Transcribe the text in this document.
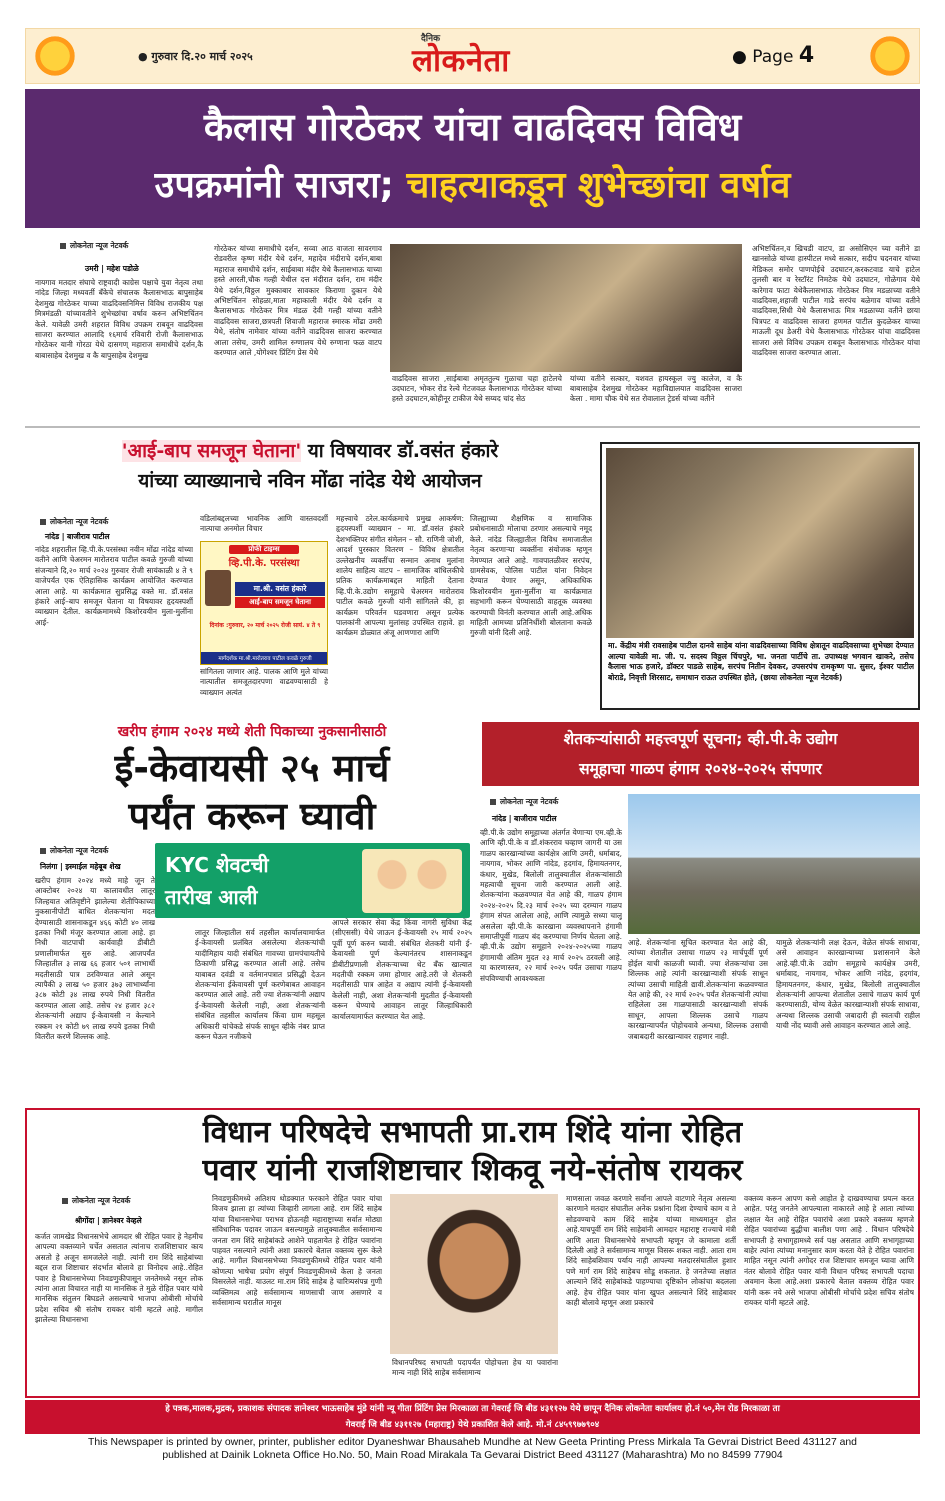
● गुरुवार दि.२० मार्च २०२५
दैनिक
लोकनेता	● Page 4
कैलास गोरठेकर यांचा वाढदिवस विविध
उपक्रमांनी साजरा; चाहत्याकडून शुभेच्छांचा वर्षाव
लोकनेता न्यूज नेटवर्क
उमरी | महेश पडोळे
नायगाव मतदार संघाचे राष्ट्रवादी काग्रेस पक्षाचे युवा नेतृत्व तथा नांदेड जिल्हा मध्यवर्ती बँकेचे संचालक कैलासभाऊ बापुसाहेब देशमुख गोरठेकर याच्या वाढदिवसनिमित्त विविध राजकीय पक्ष मित्रमंडळी यांच्यावतीने शुभेच्छांचा वर्षाव करुन अभिष्टचिंतन केले. यावेळी उमरी शहरात विविध उपक्रम राबवून वाढदिवस साजरा करण्यात आलादि १६मार्च रविवारी रोजी कैलासभाऊ गोरठेकर यानी गोरठा येथे दासगण् महाराज समाधीचे दर्शन,कै बाबासाहेब देशमुख व कै बापुसाहेब देशमुख
गोरठेकर यांच्या समाधीचे दर्शन, सव्वा आठ वाजता सावरगाव रोडवरील कृष्ण मंदीर येथे दर्शन, महादेव मंदीराचे दर्शन,बाबा महाराज समाधीचे दर्शन, साईबाबा मंदीर येथे कैलासभाऊ याच्या हस्ते आरती,चौक गल्ही येथील दत्त मंदीरात दर्शन, राम मंदीर येथे दर्शन,विठ्ठल मुक्काबार सावकार किराणा दुकान येथे अभिष्टचिंतन सोहळा,माता महाकाली मंदीर येथे दर्शन व कैलासभाऊ गोरठेकर मित्र मंडळ देवी गल्ही यांच्या वतीने वाढदिवस साजरा,छत्रपती शिवाजी महाराज स्मारक मोंढा उमरी येथे, संतोष नामेवार यांच्या वतीने वाढदिवस साजरा करण्यात आला तसेच, उमरी शामिल रुग्णालय येथे रुग्णाना फळ वाटप करण्यात आले ,योगेश्वर प्रिंटिंग प्रेस येथे
वाढदिवस साजरा ,साईबाबा अमृततुल्य गुळाचा चहा हाटेलचे उदघाटन, भोकर रोड रेल्वे गेटजवळ कैलासभाऊ गोरठेकर यांच्या हस्ते उदघाटन,कोहीनूर टाकीज येथे सय्यद चांद सेठ
यांच्या वतीने सत्कार, यशवत हायस्कूल ज्यु कालेज, व कै बाबासाहेब देशमुख गोरठेकर महाविद्यालयात वाढदिवस साजरा केला . मामा चौक येथे सत रोवालाल ट्रेडर्स यांच्या वतीने
अभिष्टचिंतन,व खिचडी वाटप, डा असोसिएन च्या वतीने डा खानसोळे यांच्या हास्पीटल मध्ये सत्कार, सदीप चदनवार यांच्या मेडिकल समोर पाणपोईचे उदघाटन,करकटवाड याचे हाटेल तुलसी बार व रेस्टॉरंट निमटेक येथे उदघाटन, गोळेगाव येथे कारेगाव फाटा येथेकैलासभाऊ गोरठेकर मित्र मडळाच्या वतीने वाढदिवस,शहाजी पाटील गाढे सरपंच बळेगाव यांच्या वतीने वाढदिवस,सिधी येथे कैलासभाऊ मित्र मडळाच्या वतीने छाया चित्रपट व वाढदिवस साजरा हणमत पाटील कुदळेकर याच्या माऊली दूध डेअरी येथे कैलासभाऊ गोरठेकर यांचा वाढदिवस साजरा असे विविध उपक्रम राबवून कैलासभाऊ गोरठेकर यांचा वाढदिवस साजरा करण्यात आला.
'आई-बाप समजून घेताना' या विषयावर डॉ.वसंत हंकारे
यांच्या व्याख्यानाचे नविन मोंढा नांदेड येथे आयोजन
लोकनेता न्यूज नेटवर्क
नांदेड | बाजीराव पाटील
नांदेड शहरातील व्हि.पी.के.परसंस्था नवीन मोंढा नांदेड यांच्या वतीने आणि चेअरमन मारोतराव पाटील कवळे गुरुजी यांच्या संजन्याने दि,२० मार्च २०२४ गुरुवार रोजी सायंकाळी ४ ते ९ वाजेपर्यंत एक ऐतिहासिक कार्यक्रम आयोजित करण्यात आला आहे. या कार्यक्रमात सुप्रसिद्ध वक्ते मा. डॉ.वसंत हंकारे आई–बाप समजून घेताना या विषयावर हृदयस्पर्शी व्याख्यान देतील. कार्यक्रमामध्ये किशोरवयीन मुला-मुलींना आई-
वडिलांबद्दलच्या भावनिक आणि वास्तवदर्शी नात्याचा अनमोल विचार
प्रोफी टाइम्स
व्हि.पी.के. परसंस्था
मा.श्री. वसंत हंकारे
आई-बाप समजून घेताना
दिनांक :गुरुवार, २० मार्च २०२५ रोजी सायं. ४ ते ९
मार्गदर्शक मा.श्री.मारोतराव पाटील कवळे गुरुजी
सांगितला जाणार आहे. पालक आणि मुले यांच्या नात्यातील समजूतदारपणा वाढवण्यासाठी हे व्याख्यान अत्यंत
महत्त्वाचे ठरेल.कार्यक्रमाचे प्रमुख आकर्षण: हृदयस्पर्शी व्याख्यान – मा. डॉ.वसंत हंकारे देशभक्तिपर संगीत संमेलन – सौ. राणिनी जोशी, आदर्श पुरस्कार वितरण – विविध क्षेत्रातील उल्लेखनीय व्यक्तींचा सन्मान अनाथ मुलांना शालेय साहित्य वाटप – सामाजिक बांधिलकीचे प्रतिक कार्यक्रमाबद्दल माहिती देताना व्हि.पी.के.उद्योग समूहाचे चेअरमन मारोतराव पाटील कवळे गुरुजी यांनी सांगितले की, हा कार्यक्रम परिवर्तन घडवणारा असून प्रत्येक पालकांनी आपल्या मुलांसह उपस्थित राहावे. हा कार्यक्रम डोळ्यात अंजू आणणारा आणि
जिल्ह्याच्या शैक्षणिक व सामाजिक प्रबोधनासाठी मोलाचा ठरणार असल्याचे नमूद केले. नांदेड जिल्ह्यातील विविध समाजातील नेतृत्व करणाऱ्या व्यक्तींना संयोजक म्हणून नेमण्यात आले आहे. गावपातळीवर सरपंच, ग्रामसेवक, पोलिस पाटील यांना निवेदन देण्यात येणार असून, अधिकाधिक किशोरवयीन मुला-मुलींना या कार्यक्रमात सहभागी करून घेण्यासाठी वाहतूक व्यवस्था करण्याची विनंती करण्यात आली आहे.अधिक माहिती आमच्या प्रतिनिधींशी बोलताना कवळे गुरुजी यांनी दिली आहे.
मा. केंद्रीय मंत्री रावसाहेब पाटील दानवे साहेब यांना वाढदिवसाच्या विविध क्षेत्रातून वाढदिवसाच्या शुभेच्छा देण्यात आल्या यावेळी मा. जी. प. सदस्य विठ्ठल चिंचपुरे, भा. जनता पार्टीचे ता. उपाध्यक्ष भगवान खाकरे, तसेच कैलास भाऊ हजारे, डॉक्टर पाडळे साहेब, सरपंच नितीन देवकर, उपसरपंच रामकृष्ण पा. सुसर, ईश्वर पाटील बोराडे, निवृत्ती शिरसाट, समाधान राऊत उपस्थित होते, (छाया लोकनेता न्यूज नेटवर्क)
खरीप हंगाम २०२४ मध्ये शेती पिकाच्या नुकसानीसाठी
ई-केवायसी २५ मार्च
पर्यंत करून घ्यावी
लोकनेता न्यूज नेटवर्क
निलंगा | इस्माईल महेबूब शेख
खरीप हंगाम २०२४ मध्ये माहे जून ते आक्टोबर २०२४ या कालावधीत लातूर जिल्हयात अतिवृष्टीने झालेल्या शेतीपिकाच्या नुकसानीपोटी बाधित शेतकऱ्यांना मदत देण्यासाठी शासनाकडून ४६६ कोटी ४० लाख इतका निधी मंजूर करण्यात आला आहे. हा निधी वाटपाची कार्यवाही डीबीटी प्रणालीमार्फत सुरु आहे. आजपर्यंत जिल्हातील ३ लाख ६६ हजार ५०१ लाभार्थी मदतीसाठी पात्र ठरविण्यात आले असून त्यापैकी ३ लाख ५० हजार ३७३ लाभार्थ्यांना ३८७ कोटी ३४ लाख रुपये निधी वितरीत करण्यात आला आहे. तसेच २४ हजार ३८२ शेतकऱ्यांनी अद्याप ई-केवायसी न केल्याने रक्कम २१ कोटी ७९ लाख रुपये इतका निधी वितरीत करणे शिल्लक आहे.
KYC शेवटची
तारीख आली
लातूर जिल्हातील सर्व तहसील कार्यालयामार्फत ई-केवायसी प्रलंबित असलेल्या शेतकऱ्यांची यादीमिहाय यादी संबंधित गावच्या ग्रामपंचायतीचे ठिकाणी प्रसिद्ध करण्यात आली आहे. तसेच याबाबत दवंडी व वर्तमानपत्रात प्रसिद्धी देऊन शेतकऱ्यांना ईकेवायसी पूर्ण करणेबाबत आवाहन करण्यात आले आहे. तरी ज्या शेतकऱ्यांनी अद्याप ई-केवायसी केलेली नाही, अशा शेतकऱ्यांनी संबंधित तहसील कार्यालय किंवा ग्राम महसूल अधिकारी यांचेकडे संपर्क साधून व्हीके नंबर प्राप्त करून घेऊन नजीकचे
आपले सरकार सेवा केंद्र किंवा नागरी सुविधा केंद्र (सीएससी) येथे जाऊन ई-केवायसी २५ मार्च २०२५ पूर्वी पूर्ण करुन घ्यावी. संबंधित शेतकरी यांनी ई-केवायसी पूर्ण केल्यानंतरच शासनाकडून डीबीटीप्रणाली शेतकऱ्याच्या थेट बँक खात्यात मदतीची रक्कम जमा होणार आहे.तरी जे शेतकरी मदतीसाठी पात्र आहेत व अद्याप त्यांनी ई-केवायसी केलेली नाही, अशा शेतकऱ्यांनी मुदतीत ई-केवायसी करून घेण्याचे आवाहन लातूर जिल्हाधिकारी कार्यालयामार्फत करण्यात येत आहे.
शेतकऱ्यांसाठी महत्त्वपूर्ण सूचना; व्ही.पी.के उद्योग
समूहाचा गाळप हंगाम २०२४-२०२५ संपणार
लोकनेता न्यूज नेटवर्क
नांदेड | बाजीराव पाटील
व्ही.पी.के उद्योग समूहाच्या अंतर्गत येणाऱ्या एम.व्ही.के आणि व्ही.पी.के व डॉ.शंकरराव चव्हाण जागरी या उस गाळप कारखान्यांच्या कार्यक्षेत्र आणि उमरी, धर्माबाद, नायगाव, भोकर आणि नांदेड, हदगांव, हिमायतनगर, कंधार, मुखेड, बिलोली तालुक्यातील शेतकऱ्यांसाठी महत्वाची सूचना जारी करण्यात आली आहे. शेतकऱ्यांना कळवण्यात येत आहे की, गाळप हंगाम २०२४-२०२५ दि.२३ मार्च २०२५ च्या दरम्यान गाळप हंगाम संपत आलेला आहे, आणि त्यामुळे सध्या चालू असलेला व्ही.पी.के कारखाना व्यवस्थापनाने हंगामी समाप्तीपूर्वी गाळप बंद करण्याचा निर्णय घेतला आहे. व्ही.पी.के उद्योग समूहाने २०२४-२०२५च्या गाळप हंगामाची अंतिम मुदत २३ मार्च २०२५ ठरवली आहे. या कारणास्तव, २२ मार्च २०२५ पर्यंत उसाचा गाळप संपविण्याची आवश्यकता
आहे. शेतकऱ्यांना सूचित करण्यात येत आहे की, त्यांच्या शेतातील उसाचा गाळप २३ मार्चपूर्वी पूर्ण होईल याची काळजी घ्यावी. ज्या शेतकऱ्यांचा उस शिल्लक आहे त्यांनी कारखान्याशी संपर्क साधून त्यांच्या उसाची माहिती द्यावी.शेतकऱ्यांना कळवण्यात येत आहे की, २२ मार्च २०२५ पर्यंत शेतकऱ्यांनी त्यांचा राहिलेला उस गाळपासाठी कारखान्याशी संपर्क साधून, आपला शिल्लक उसाचे गाळप कारखान्यापर्यंत पोहोचवावे अन्यथा, शिल्लक उसाची जबाबदारी कारखान्यावर राहणार नाही.
यामुळे शेतकऱ्यांनी लक्ष देऊन, वेळेत संपर्क साधावा, असे आवाहन कारखान्याच्या प्रशासनाने केले आहे.व्ही.पी.के उद्योग समूहाचे कार्यक्षेत्र उमरी, धर्माबाद, नायगाव, भोकर आणि नांदेड, हदगांव, हिमायतनगर, कंधार, मुखेड, बिलोली तालुक्यातील शेतकऱ्यांनी आपल्या शेतातील उसाचे गाळप कार्य पूर्ण करण्यासाठी, योग्य वेळेत कारखान्याशी संपर्क साधावा, अन्यथा शिल्लक उसाची जबादारी ही स्वतःची राहील याची नोंद घ्यावी असे आवाहन करण्यात आले आहे.
विधान परिषदेचे सभापती प्रा.राम शिंदे यांना रोहित
पवार यांनी राजशिष्टाचार शिकवू नये-संतोष रायकर
लोकनेता न्यूज नेटवर्क
श्रीगोंदा | ज्ञानेश्वर वेव्हले
कर्जत जामखेड विधानसभेचे आमदार श्री रोहित पवार हे नेहमीच आपल्या वक्तव्याने चर्चेत असतात त्यांनाच राजशिष्टाचार काय असतो हे अजून समजलेले नाही. त्यांनी राम शिंदे साहेबांच्या बद्दल राज शिष्टाचार संदर्भात बोलावे हा विनोदच आहे..रोहित पवार हे विधानसभेच्या निवडणुकीपासून जनतेमध्ये नसून लोक त्यांना आता विचारत नाही या मानसिक ते मुळे रोहित पवार यांचे मानसिक संतुलन बिघडले असल्याचे भाजपा ओबीसी मोर्चाचे प्रदेश सचिव श्री संतोष रायकर यांनी म्हटले आहे. मागील झालेल्या विधानसभा
निवडणुकीमध्ये अतिशय थोडक्यात फरकाने रोहित पवार यांचा विजय झाला हा त्यांच्या जिव्हारी लागला आहे. राम शिंदे साहेब यांचा विधानसभेचा पराभव होऊनही महाराष्ट्राच्या सर्वात मोठ्या संविधानिक पदावर जाऊन बसल्यामुळे तालुक्यातील सर्वसामान्य जनता राम शिंदे साहेबांकडे आशेने पाहतायेत हे रोहित पवारांना पाहवत नसल्याने त्यांनी अशा प्रकारचे बेताल वक्तव्य सुरू केले आहे. मागील विधानसभेच्या निवडणुकीमध्ये रोहित पवार यांनी कोणत्या भाषेचा प्रयोग संपूर्ण निवडणुकीमध्ये केला हे जनता विसरलेले नाही. याउलट मा.राम शिंदे साहेब हे चारित्र्यसंपन्न गुणी व्यक्तिमत्व आहे सर्वसामान्य माणसाची जाण असणारे व सर्वसामान्य घरातील मानूस
विधानपरिषद सभापती पदापर्यंत पोहोचला हेच या पवारांना मान्य नाही शिंदे साहेब सर्वसामान्य
माणसाला जवळ करणारे सर्वांना आपले वाटणारे नेतृत्व असल्या कारणाने मतदार संघातील अनेक प्रश्नांना दिशा देण्याचे काम व ते सोडवण्याचे काम शिंदे साहेब यांच्या माध्यमातून होत आहे.याचपूर्वी राम शिंदे साहेबांनी आमदार महाराष्ट्र राज्याचे मंत्री आणि आता विधानसभेचे सभापती म्हणून जे कामाला शर्ती दिलेली आहे ते सर्वसामान्य माणूस विसरू शकत नाही. आता राम शिंदे साहेबशिवाय पर्याय नाही आपल्या मतदारसंघातील हुशार पणे मार्ग राम शिंदे साहेबच सोडू शकतात. हे जनतेच्या लक्षात आल्याने शिंदे साहेबांकडे पाहण्याचा दृष्टिकोन लोकांचा बदलला आहे. हेच रोहित पवार यांना खुपत असल्याने शिंदे साहेबावर काही बोलावे म्हणून अशा प्रकारचे
वक्तव्य करून आपण कसे आहोत हे दाखवण्याचा प्रयत्न करत आहेत. परंतु जनतेने आपल्याला नाकारले आहे हे आता त्यांच्या लक्षात येत आहे रोहित पवारांचे अशा प्रकारे वक्तव्य म्हणजे रोहित पवारांच्या बुद्धीचा बालीश पणा आहे . विधान परिषदेचे सभापती हे सभागृहामध्ये सर्व पक्ष असतात आणि सभागृहाच्या बाहेर त्यांना त्यांच्या मनानुसार काम करता येते हे रोहित पवारांना माहित नसून त्यांनी अगोदर राज शिष्टाचार समजून घ्यावा आणि नंतर बोलावे रोहित पवार यांनी विधान परिषद सभापती पदाचा अवमान केला आहे.अशा प्रकारचे बेताल वक्तव्य रोहित पवार यांनी करू नये असे भाजपा ओबीसी मोर्चाचे प्रदेश सचिव संतोष रायकर यांनी म्हटले आहे.
हे पत्रक,मालक,मुद्रक, प्रकाशक संपादक ज्ञानेश्वर भाऊसाहेब मुंडे यांनी न्यू गीता प्रिंटिंग प्रेस मिरकाळा ता गेवराई जि बीड ४३११२७ येथे छापून दैनिक लोकनेता कार्यालय हो.नं ५०,मेन रोड मिरकाळा ता
गेवराई जि बीड ४३११२७ (महाराष्ट्र) येथे प्रकाशित केले आहे. मो.नं ८४५९९७७९०४
This Newspaper is printed by owner, printer, publisher editor Dyaneshwar Bhausaheb Mundhe at New Geeta Printing Press Mirkala Ta Gevrai District Beed 431127 and
published at Dainik Lokneta Office Ho.No. 50, Main Road Mirakala Ta Gevarai District Beed 431127 (Maharashtra) Mo no 84599 77904
